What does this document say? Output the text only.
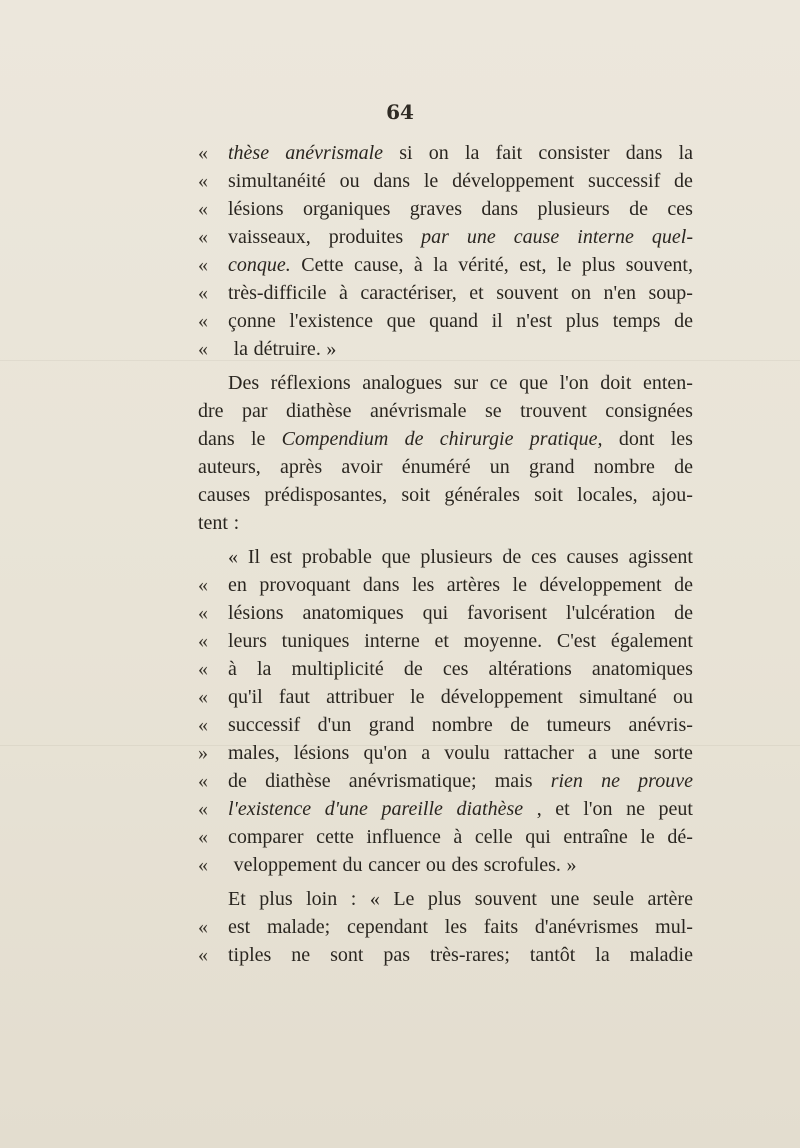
64
«	thèse anévrismale si on la fait consister dans la
«	simultanéité ou dans le développement successif de
«	lésions organiques graves dans plusieurs de ces
«	vaisseaux, produites par une cause interne quel-
«	conque. Cette cause, à la vérité, est, le plus souvent,
«	très-difficile à caractériser, et souvent on n'en soup-
«	çonne l'existence que quand il n'est plus temps de
«	la détruire. »
Des réflexions analogues sur ce que l'on doit enten-
dre par diathèse anévrismale se trouvent consignées
dans le Compendium de chirurgie pratique, dont les
auteurs, après avoir énuméré un grand nombre de
causes prédisposantes, soit générales soit locales, ajou-
tent :
« Il est probable que plusieurs de ces causes agissent
«	en provoquant dans les artères le développement de
«	lésions anatomiques qui favorisent l'ulcération de
«	leurs tuniques interne et moyenne. C'est également
«	à la multiplicité de ces altérations anatomiques
«	qu'il faut attribuer le développement simultané ou
«	successif d'un grand nombre de tumeurs anévris-
»	males, lésions qu'on a voulu rattacher a une sorte
«	de diathèse anévrismatique; mais rien ne prouve
«	l'existence d'une pareille diathèse , et l'on ne peut
«	comparer cette influence à celle qui entraîne le dé-
«	veloppement du cancer ou des scrofules. »
Et plus loin : « Le plus souvent une seule artère
«	est malade; cependant les faits d'anévrismes mul-
«	tiples ne sont pas très-rares; tantôt la maladie
